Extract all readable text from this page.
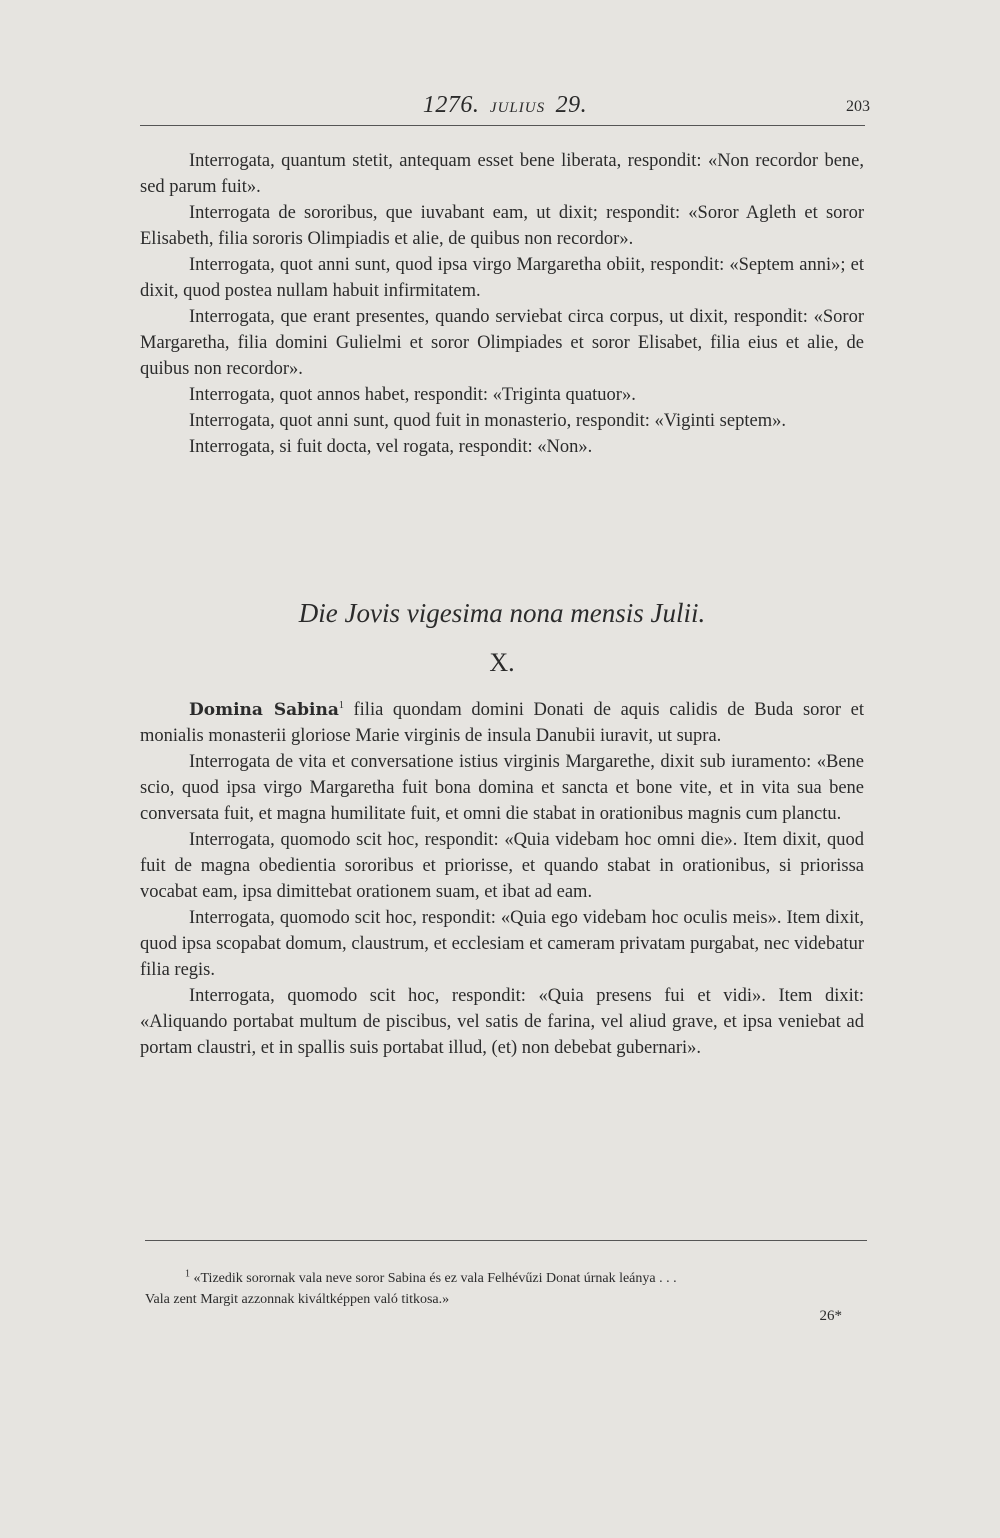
1276. JULIUS 29.	203

Interrogata, quantum stetit, antequam esset bene liberata, respondit: «Non recordor bene, sed parum fuit».

Interrogata de sororibus, que iuvabant eam, ut dixit; respondit: «Soror Agleth et soror Elisabeth, filia sororis Olimpiadis et alie, de quibus non recordor».

Interrogata, quot anni sunt, quod ipsa virgo Margaretha obiit, respondit: «Septem anni»; et dixit, quod postea nullam habuit infirmitatem.

Interrogata, que erant presentes, quando serviebat circa corpus, ut dixit, respondit: «Soror Margaretha, filia domini Gulielmi et soror Olimpiades et soror Elisabet, filia eius et alie, de quibus non recordor».

Interrogata, quot annos habet, respondit: «Triginta quatuor».

Interrogata, quot anni sunt, quod fuit in monasterio, respondit: «Viginti septem».

Interrogata, si fuit docta, vel rogata, respondit: «Non».

Die Jovis vigesima nona mensis Julii.
X.

Domina Sabina$^1$ filia quondam domini Donati de aquis calidis de Buda soror et monialis monasterii gloriose Marie virginis de insula Danubii iuravit, ut supra.

Interrogata de vita et conversatione istius virginis Margarethe, dixit sub iuramento: «Bene scio, quod ipsa virgo Margaretha fuit bona domina et sancta et bone vite, et in vita sua bene conversata fuit, et magna humilitate fuit, et omni die stabat in orationibus magnis cum planctu.

Interrogata, quomodo scit hoc, respondit: «Quia videbam hoc omni die». Item dixit, quod fuit de magna obedientia sororibus et priorisse, et quando stabat in orationibus, si priorissa vocabat eam, ipsa dimittebat orationem suam, et ibat ad eam.

Interrogata, quomodo scit hoc, respondit: «Quia ego videbam hoc oculis meis». Item dixit, quod ipsa scopabat domum, claustrum, et ecclesiam et cameram privatam purgabat, nec videbatur filia regis.

Interrogata, quomodo scit hoc, respondit: «Quia presens fui et vidi». Item dixit: «Aliquando portabat multum de piscibus, vel satis de farina, vel aliud grave, et ipsa veniebat ad portam claustri, et in spallis suis portabat illud, (et) non debebat gubernari».

$^1$ «Tizedik sorornak vala neve soror Sabina és ez vala Felhévűzi Donat úrnak leánya . . .

Vala zent Margit azzonnak kiváltképpen való titkosa.»

26*
